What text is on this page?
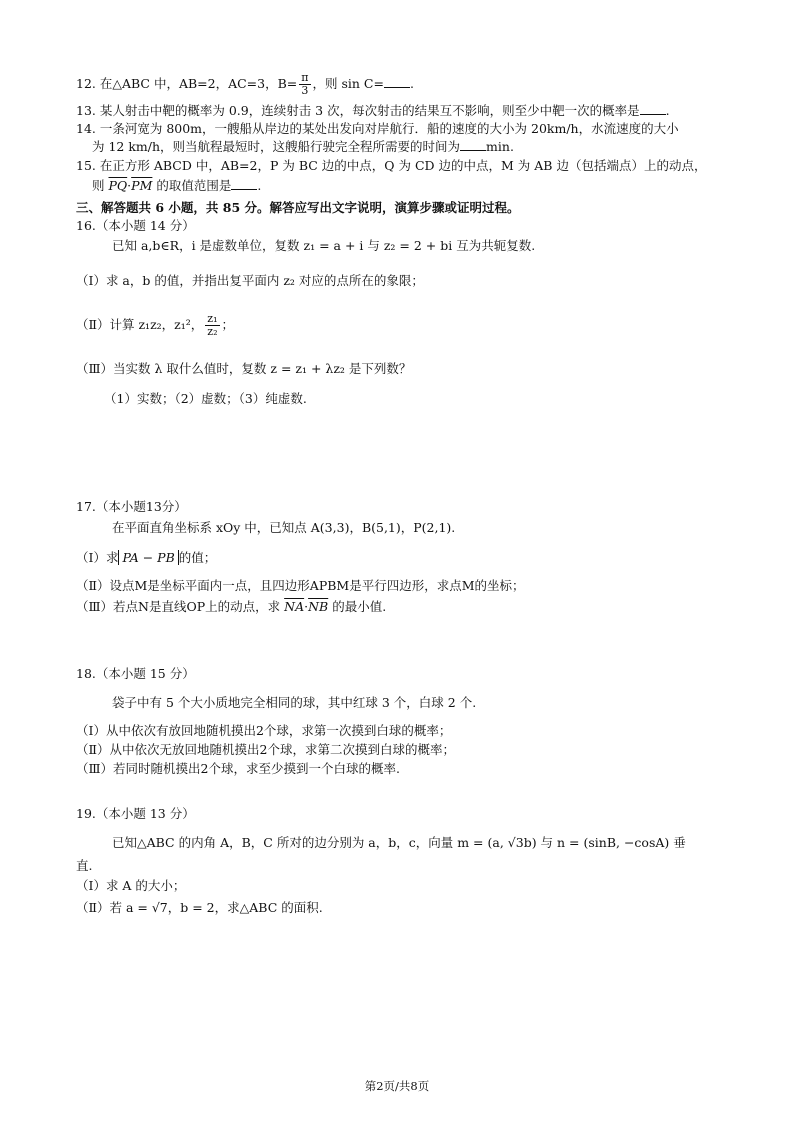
12. 在△ABC 中，AB=2，AC=3，$B= \frac{\pi}{3}$ ，则 sin C= .
13. 某人射击中靶的概率为 0.9，连续射击 3 次，每次射击的结果互不影响，则至少中靶一次的概率是 .
14. 一条河宽为 800m，一艘船从岸边的某处出发向对岸航行．船的速度的大小为 20km/h，水流速度的大小
为 12 km/h，则当航程最短时，这艘船行驶完全程所需要的时间为 min.
15. 在正方形 ABCD 中，AB=2，P 为 BC 边的中点，Q 为 CD 边的中点，M 为 AB 边（包括端点）上的动点，
则 $\overline{PQ}\cdot\overline{PM}$ 的取值范围是 .
三、解答题共 6 小题，共 85 分。解答应写出文字说明，演算步骤或证明过程。
16.（本小题 14 分）
已知 a,b∈R，i 是虚数单位，复数 z₁ = a + i 与 z₂ = 2 + bi 互为共轭复数.
（Ⅰ）求 a，b 的值，并指出复平面内 z₂ 对应的点所在的象限；
（Ⅱ）计算 z₁z₂，z₁²， $\frac{\text{z₁}}{\text{z₂}}$ ；
（Ⅲ）当实数 λ 取什么值时，复数 z = z₁ + λz₂ 是下列数？
（1）实数；（2）虚数；（3）纯虚数.
17.（本小题13分）
在平面直角坐标系 xOy 中，已知点 A(3,3)，B(5,1)，P(2,1).
（Ⅰ）求 PA − PB 的值；
（Ⅱ）设点M是坐标平面内一点，且四边形APBM是平行四边形，求点M的坐标；
（Ⅲ）若点N是直线OP上的动点，求 $\overline{NA}\cdot\overline{NB}$ 的最小值.
18.（本小题 15 分）
袋子中有 5 个大小质地完全相同的球，其中红球 3 个，白球 2 个.
（Ⅰ）从中依次有放回地随机摸出2个球，求第一次摸到白球的概率；
（Ⅱ）从中依次无放回地随机摸出2个球，求第二次摸到白球的概率；
（Ⅲ）若同时随机摸出2个球，求至少摸到一个白球的概率.
19.（本小题 13 分）
已知△ABC 的内角 A，B，C 所对的边分别为 a，b，c，向量 m = (a, √3b) 与 n = (sinB, −cosA) 垂
直.
（Ⅰ）求 A 的大小；
（Ⅱ）若 a = √7，b = 2，求△ABC 的面积.
第2页/共8页
